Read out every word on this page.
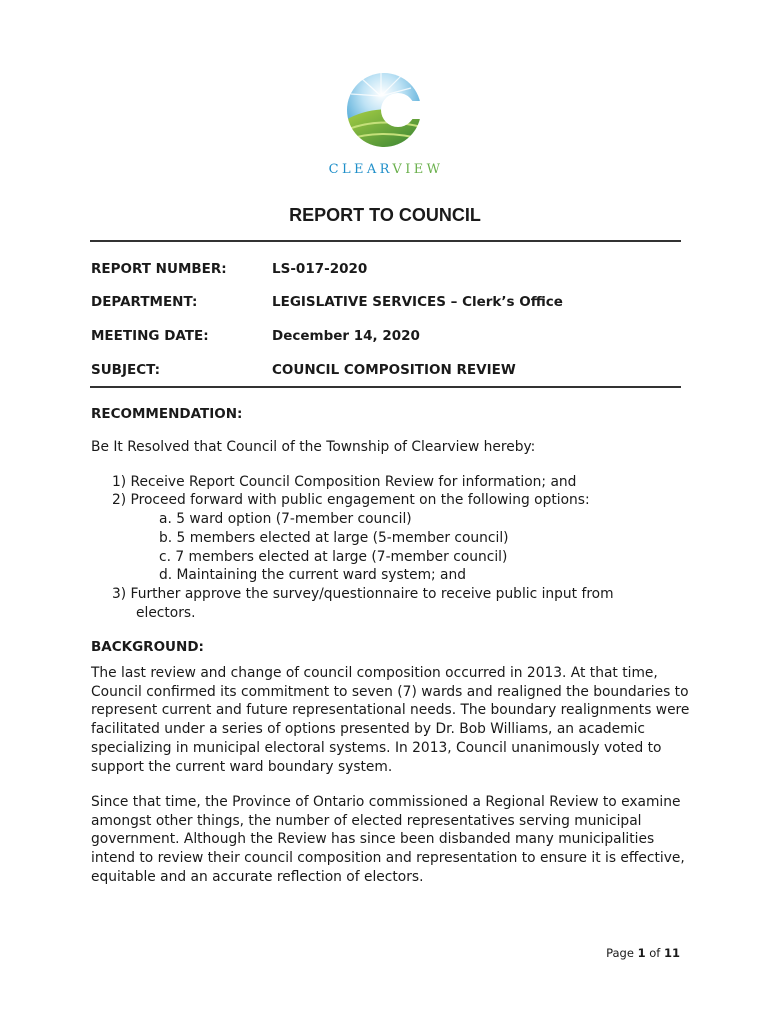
CLEARVIEW
REPORT TO COUNCIL
REPORT NUMBER:	LS-017-2020
DEPARTMENT:	LEGISLATIVE SERVICES – Clerk’s Office
MEETING DATE:	December 14, 2020
SUBJECT:	COUNCIL COMPOSITION REVIEW
RECOMMENDATION:
Be It Resolved that Council of the Township of Clearview hereby:
1) Receive Report Council Composition Review for information; and
2) Proceed forward with public engagement on the following options:
a. 5 ward option (7-member council)
b. 5 members elected at large (5-member council)
c. 7 members elected at large (7-member council)
d. Maintaining the current ward system; and
3) Further approve the survey/questionnaire to receive public input from
electors.
BACKGROUND:
The last review and change of council composition occurred in 2013. At that time, Council confirmed its commitment to seven (7) wards and realigned the boundaries to represent current and future representational needs. The boundary realignments were facilitated under a series of options presented by Dr. Bob Williams, an academic specializing in municipal electoral systems. In 2013, Council unanimously voted to support the current ward boundary system.
Since that time, the Province of Ontario commissioned a Regional Review to examine amongst other things, the number of elected representatives serving municipal government. Although the Review has since been disbanded many municipalities intend to review their council composition and representation to ensure it is effective, equitable and an accurate reflection of electors.
Page 1 of 11
